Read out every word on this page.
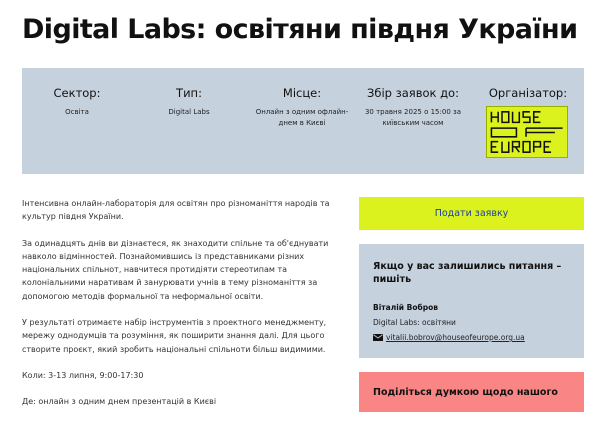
Digital Labs: освітяни півдня України
Сектор:
Освіта
Тип:
Digital Labs
Місце:
Онлайн з одним офлайн-днем в Києві
Збір заявок до:
30 травня 2025 о 15:00 за київським часом
Організатор:

Інтенсивна онлайн-лабораторія для освітян про різноманіття народів та культур півдня України.

За одинадцять днів ви дізнаєтеся, як знаходити спільне та об'єднувати навколо відмінностей. Познайомившись із представниками різних національних спільнот, навчитеся протидіяти стереотипам та колоніальними наративам й занурювати учнів в тему різноманіття за допомогою методів формальної та неформальної освіти.

У результаті отримаєте набір інструментів з проектного менеджменту, мережу однодумців та розуміння, як поширити знання далі. Для цього створите проєкт, який зробить національні спільноти більш видимими.

Коли: 3-13 липня, 9:00-17:30

Де: онлайн з одним днем презентацій в Києві

Подати заявку
Якщо у вас залишились питання – пишіть
Віталій Вобров
Digital Labs: освітяни
vitalii.bobrov@houseofeurope.org.ua
Поділіться думкою щодо нашого
